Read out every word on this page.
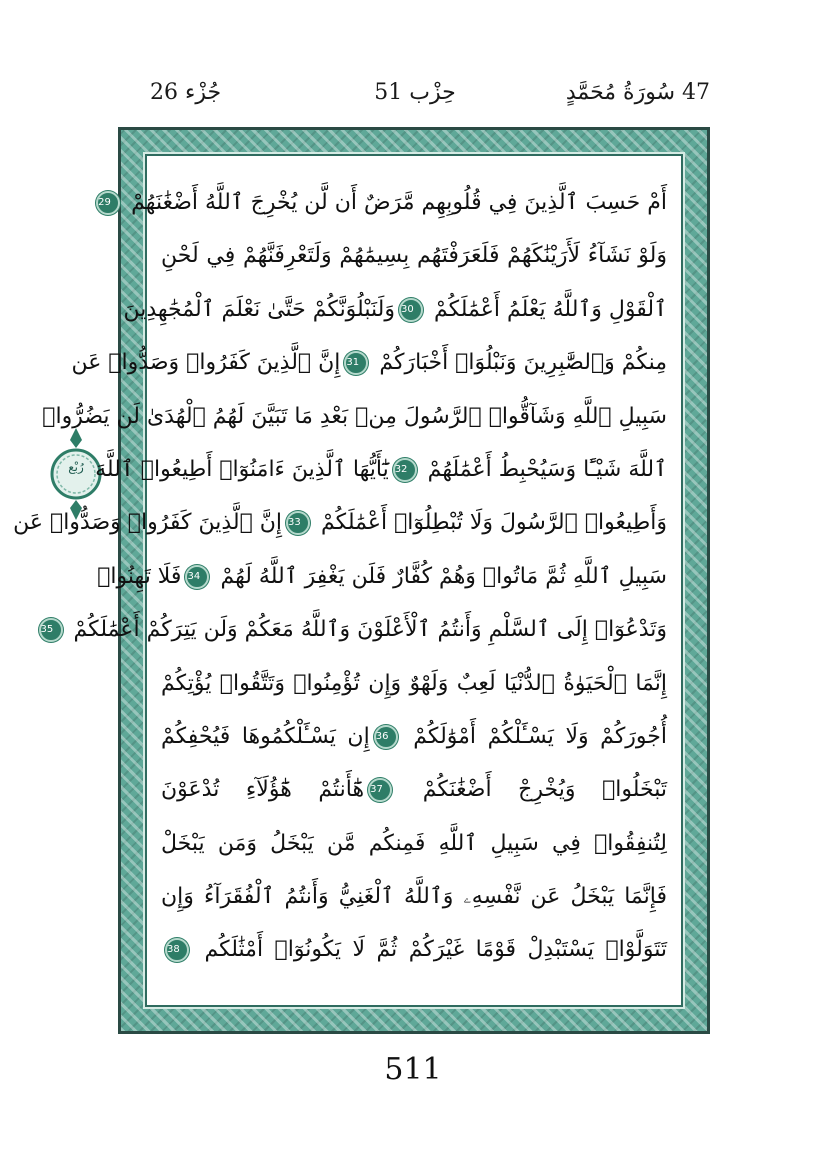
47 سُورَةُ مُحَمَّدٍ
حِزْب 51
جُزْء 26
رُبْع
أَمْ حَسِبَ ٱلَّذِينَ فِي قُلُوبِهِم مَّرَضٌ أَن لَّن يُخْرِجَ ٱللَّهُ أَضْغَٰنَهُمْ 29
وَلَوْ نَشَآءُ لَأَرَيْنَٰكَهُمْ فَلَعَرَفْتَهُم بِسِيمَٰهُمْ وَلَتَعْرِفَنَّهُمْ فِي لَحْنِ
ٱلْقَوْلِ وَٱللَّهُ يَعْلَمُ أَعْمَٰلَكُمْ 30وَلَنَبْلُوَنَّكُمْ حَتَّىٰ نَعْلَمَ ٱلْمُجَٰهِدِينَ
مِنكُمْ وَٱلصَّٰبِرِينَ وَنَبْلُوَا۟ أَخْبَارَكُمْ 31إِنَّ ٱلَّذِينَ كَفَرُوا۟ وَصَدُّوا۟ عَن
سَبِيلِ ٱللَّهِ وَشَآقُّوا۟ ٱلرَّسُولَ مِنۢ بَعْدِ مَا تَبَيَّنَ لَهُمُ ٱلْهُدَىٰ لَن يَضُرُّوا۟
ٱللَّهَ شَيْـًٔا وَسَيُحْبِطُ أَعْمَٰلَهُمْ 32يَٰٓأَيُّهَا ٱلَّذِينَ ءَامَنُوٓا۟ أَطِيعُوا۟ ٱللَّهَ
وَأَطِيعُوا۟ ٱلرَّسُولَ وَلَا تُبْطِلُوٓا۟ أَعْمَٰلَكُمْ 33إِنَّ ٱلَّذِينَ كَفَرُوا۟ وَصَدُّوا۟ عَن
سَبِيلِ ٱللَّهِ ثُمَّ مَاتُوا۟ وَهُمْ كُفَّارٌ فَلَن يَغْفِرَ ٱللَّهُ لَهُمْ 34فَلَا تَهِنُوا۟
وَتَدْعُوٓا۟ إِلَى ٱلسَّلْمِ وَأَنتُمُ ٱلْأَعْلَوْنَ وَٱللَّهُ مَعَكُمْ وَلَن يَتِرَكُمْ أَعْمَٰلَكُمْ 35
إِنَّمَا ٱلْحَيَوٰةُ ٱلدُّنْيَا لَعِبٌ وَلَهْوٌ وَإِن تُؤْمِنُوا۟ وَتَتَّقُوا۟ يُؤْتِكُمْ
أُجُورَكُمْ وَلَا يَسْـَٔلْكُمْ أَمْوَٰلَكُمْ 36إِن يَسْـَٔلْكُمُوهَا فَيُحْفِكُمْ
تَبْخَلُوا۟ وَيُخْرِجْ أَضْغَٰنَكُمْ 37هَٰٓأَنتُمْ هَٰٓؤُلَآءِ تُدْعَوْنَ
لِتُنفِقُوا۟ فِي سَبِيلِ ٱللَّهِ فَمِنكُم مَّن يَبْخَلُ وَمَن يَبْخَلْ
فَإِنَّمَا يَبْخَلُ عَن نَّفْسِهِۦ وَٱللَّهُ ٱلْغَنِيُّ وَأَنتُمُ ٱلْفُقَرَآءُ وَإِن
تَتَوَلَّوْا۟ يَسْتَبْدِلْ قَوْمًا غَيْرَكُمْ ثُمَّ لَا يَكُونُوٓا۟ أَمْثَٰلَكُم 38
511
